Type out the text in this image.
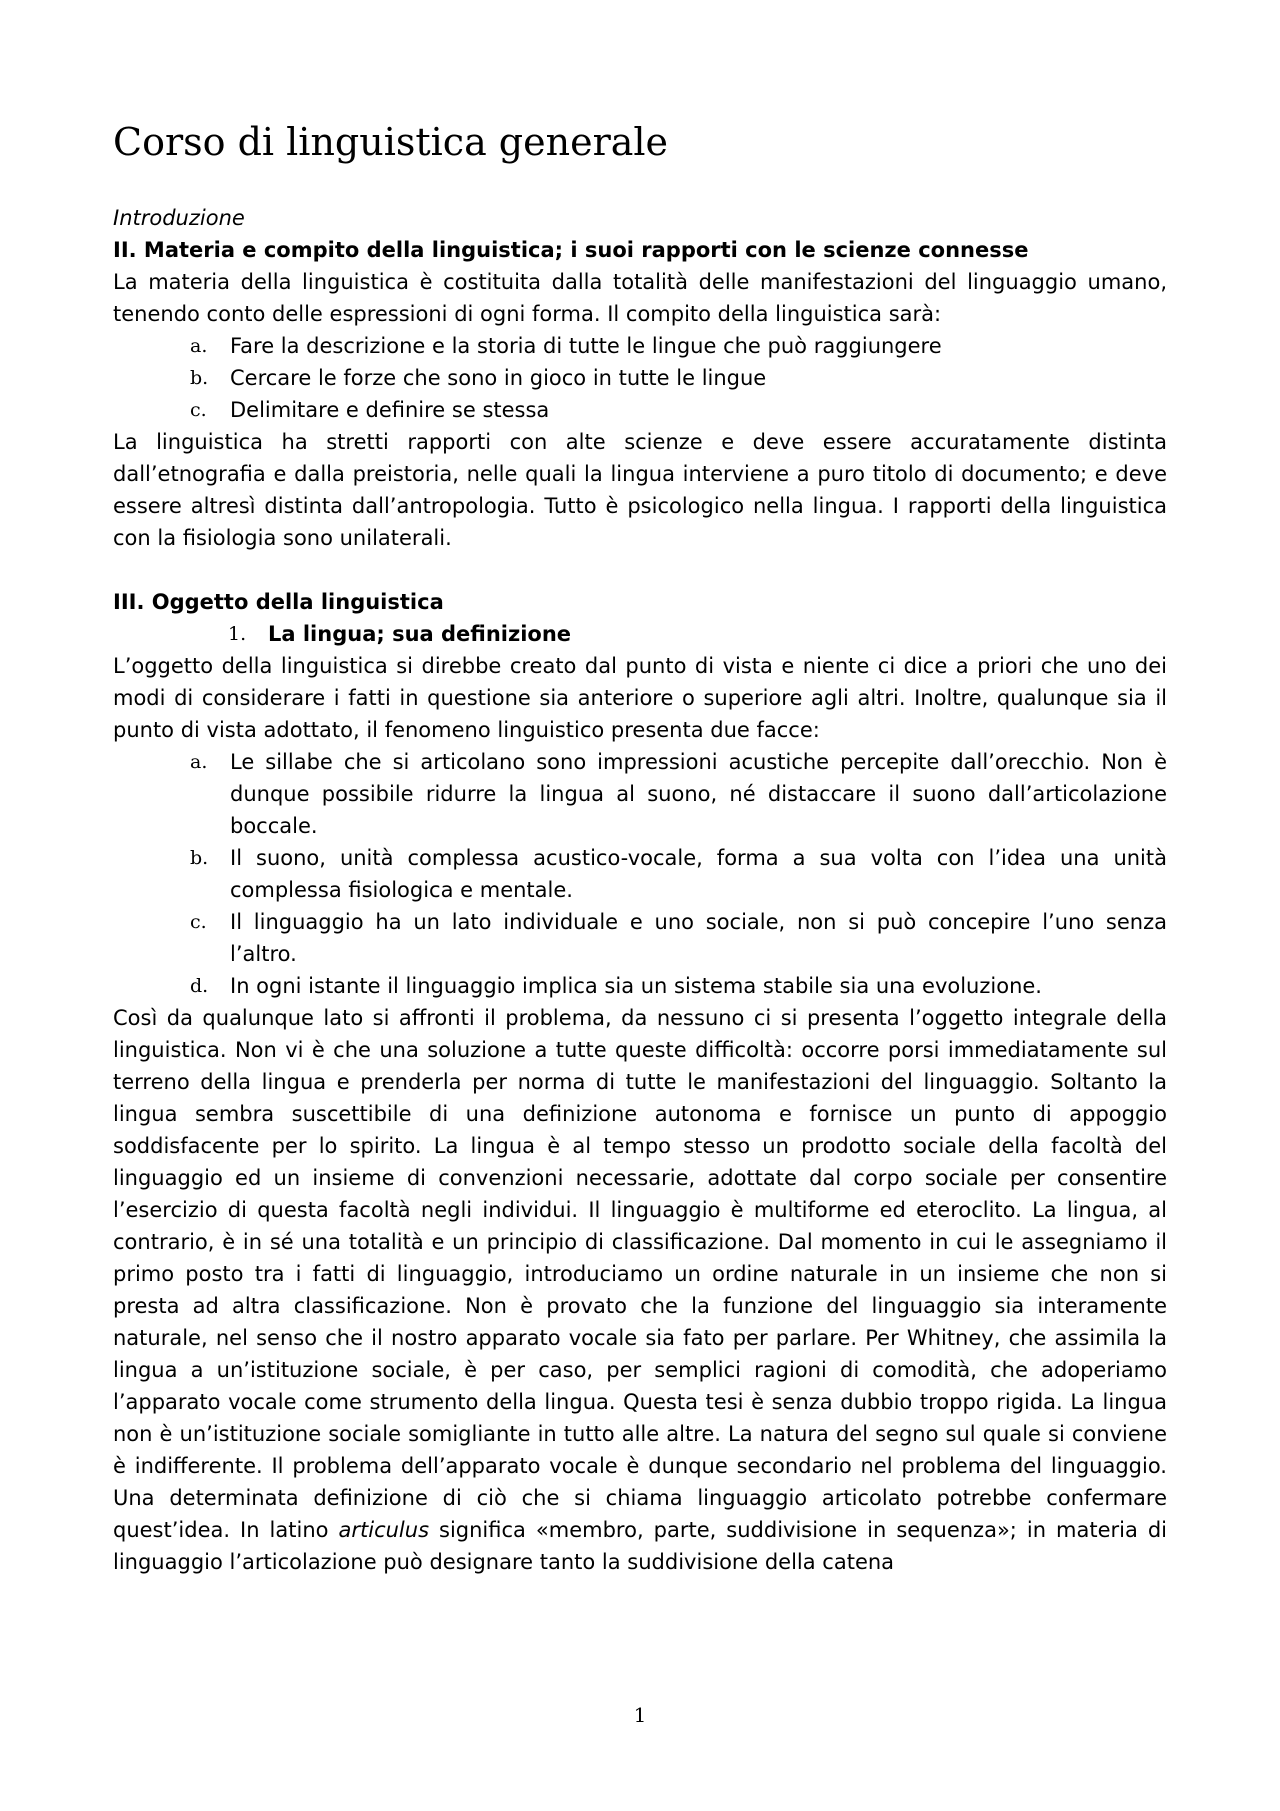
Corso di linguistica generale

Introduzione

II. Materia e compito della linguistica; i suoi rapporti con le scienze connesse

La materia della linguistica è costituita dalla totalità delle manifestazioni del linguaggio umano, tenendo conto delle espressioni di ogni forma. Il compito della linguistica sarà:

a. Fare la descrizione e la storia di tutte le lingue che può raggiungere
b. Cercare le forze che sono in gioco in tutte le lingue
c. Delimitare e definire se stessa

La linguistica ha stretti rapporti con alte scienze e deve essere accuratamente distinta dall’etnografia e dalla preistoria, nelle quali la lingua interviene a puro titolo di documento; e deve essere altresì distinta dall’antropologia. Tutto è psicologico nella lingua. I rapporti della linguistica con la fisiologia sono unilaterali.

III. Oggetto della linguistica

1. La lingua; sua definizione

L’oggetto della linguistica si direbbe creato dal punto di vista e niente ci dice a priori che uno dei modi di considerare i fatti in questione sia anteriore o superiore agli altri. Inoltre, qualunque sia il punto di vista adottato, il fenomeno linguistico presenta due facce:

a. Le sillabe che si articolano sono impressioni acustiche percepite dall’orecchio. Non è dunque possibile ridurre la lingua al suono, né distaccare il suono dall’articolazione boccale.
b. Il suono, unità complessa acustico-vocale, forma a sua volta con l’idea una unità complessa fisiologica e mentale.
c. Il linguaggio ha un lato individuale e uno sociale, non si può concepire l’uno senza l’altro.
d. In ogni istante il linguaggio implica sia un sistema stabile sia una evoluzione.

Così da qualunque lato si affronti il problema, da nessuno ci si presenta l’oggetto integrale della linguistica. Non vi è che una soluzione a tutte queste difficoltà: occorre porsi immediatamente sul terreno della lingua e prenderla per norma di tutte le manifestazioni del linguaggio. Soltanto la lingua sembra suscettibile di una definizione autonoma e fornisce un punto di appoggio soddisfacente per lo spirito. La lingua è al tempo stesso un prodotto sociale della facoltà del linguaggio ed un insieme di convenzioni necessarie, adottate dal corpo sociale per consentire l’esercizio di questa facoltà negli individui. Il linguaggio è multiforme ed eteroclito. La lingua, al contrario, è in sé una totalità e un principio di classificazione. Dal momento in cui le assegniamo il primo posto tra i fatti di linguaggio, introduciamo un ordine naturale in un insieme che non si presta ad altra classificazione. Non è provato che la funzione del linguaggio sia interamente naturale, nel senso che il nostro apparato vocale sia fato per parlare. Per Whitney, che assimila la lingua a un’istituzione sociale, è per caso, per semplici ragioni di comodità, che adoperiamo l’apparato vocale come strumento della lingua. Questa tesi è senza dubbio troppo rigida. La lingua non è un’istituzione sociale somigliante in tutto alle altre. La natura del segno sul quale si conviene è indifferente. Il problema dell’apparato vocale è dunque secondario nel problema del linguaggio. Una determinata definizione di ciò che si chiama linguaggio articolato potrebbe confermare quest’idea. In latino articulus significa «membro, parte, suddivisione in sequenza»; in materia di linguaggio l’articolazione può designare tanto la suddivisione della catena

1
